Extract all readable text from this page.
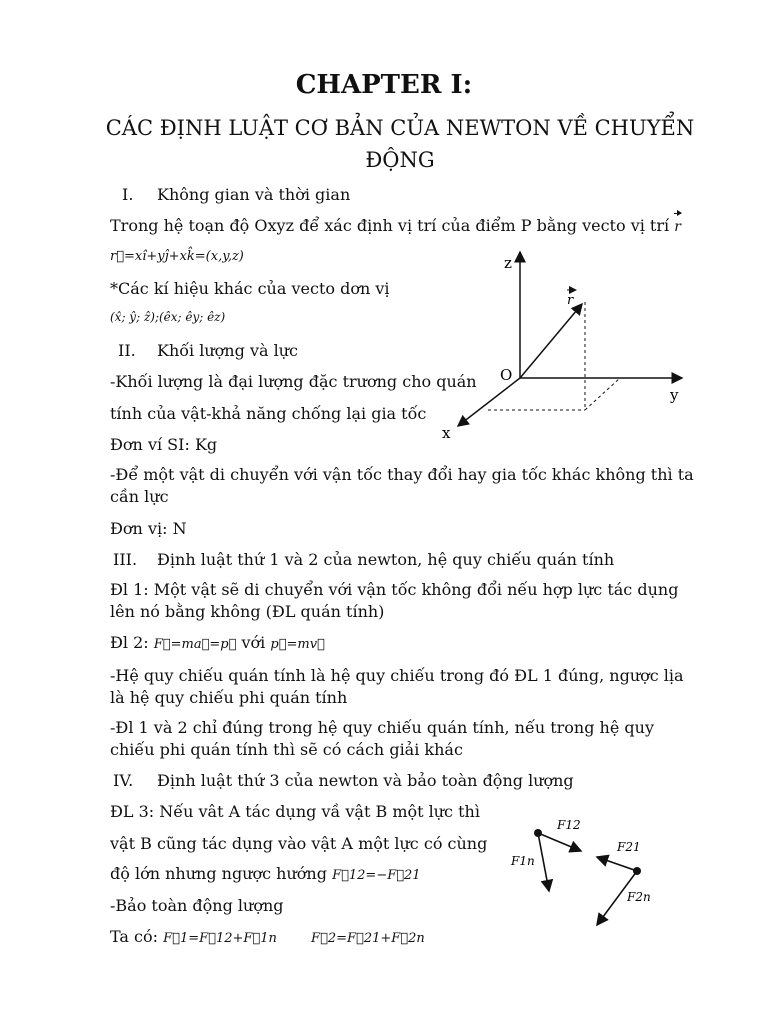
CHAPTER I:
CÁC ĐỊNH LUẬT CƠ BẢN CỦA NEWTON VỀ CHUYỂN ĐỘNG
I. Không gian và thời gian
Trong hệ toạn độ Oxyz để xác định vị trí của điểm P bằng vecto vị trí r
r⃗=xî+yĵ+xk̂=(x,y,z)
*Các kí hiệu khác của vecto dơn vị
(x̂; ŷ; ẑ);(êx; êy; êz)
II. Khối lượng và lực
-Khối lượng là đại lượng đặc trương cho quán
tính của vật-khả năng chống lại gia tốc
Đơn ví SI: Kg
-Để một vật di chuyển với vận tốc thay đổi hay gia tốc khác không thì ta cần lực
Đơn vị: N
III. Định luật thứ 1 và 2 của newton, hệ quy chiếu quán tính
Đl 1: Một vật sẽ di chuyển với vận tốc không đổi nếu hợp lực tác dụng lên nó bằng không (ĐL quán tính)
Đl 2: F⃗=ma⃗=p⃗ với p⃗=mv⃗
-Hệ quy chiếu quán tính là hệ quy chiếu trong đó ĐL 1 đúng, ngược lịa là hệ quy chiếu phi quán tính
-Đl 1 và 2 chỉ đúng trong hệ quy chiếu quán tính, nếu trong hệ quy chiếu phi quán tính thì sẽ có cách giải khác
IV. Định luật thứ 3 của newton và bảo toàn động lượng
ĐL 3: Nếu vât A tác dụng vầ vật B một lực thì
vật B cũng tác dụng vào vật A một lực có cùng
độ lớn nhưng ngược hướng F⃗12=−F⃗21
-Bảo toàn động lượng
Ta có: F⃗1=F⃗12+F⃗1n	F⃗2=F⃗21+F⃗2n
z
y
x
O
r
F12
F1n
F21
F2n
